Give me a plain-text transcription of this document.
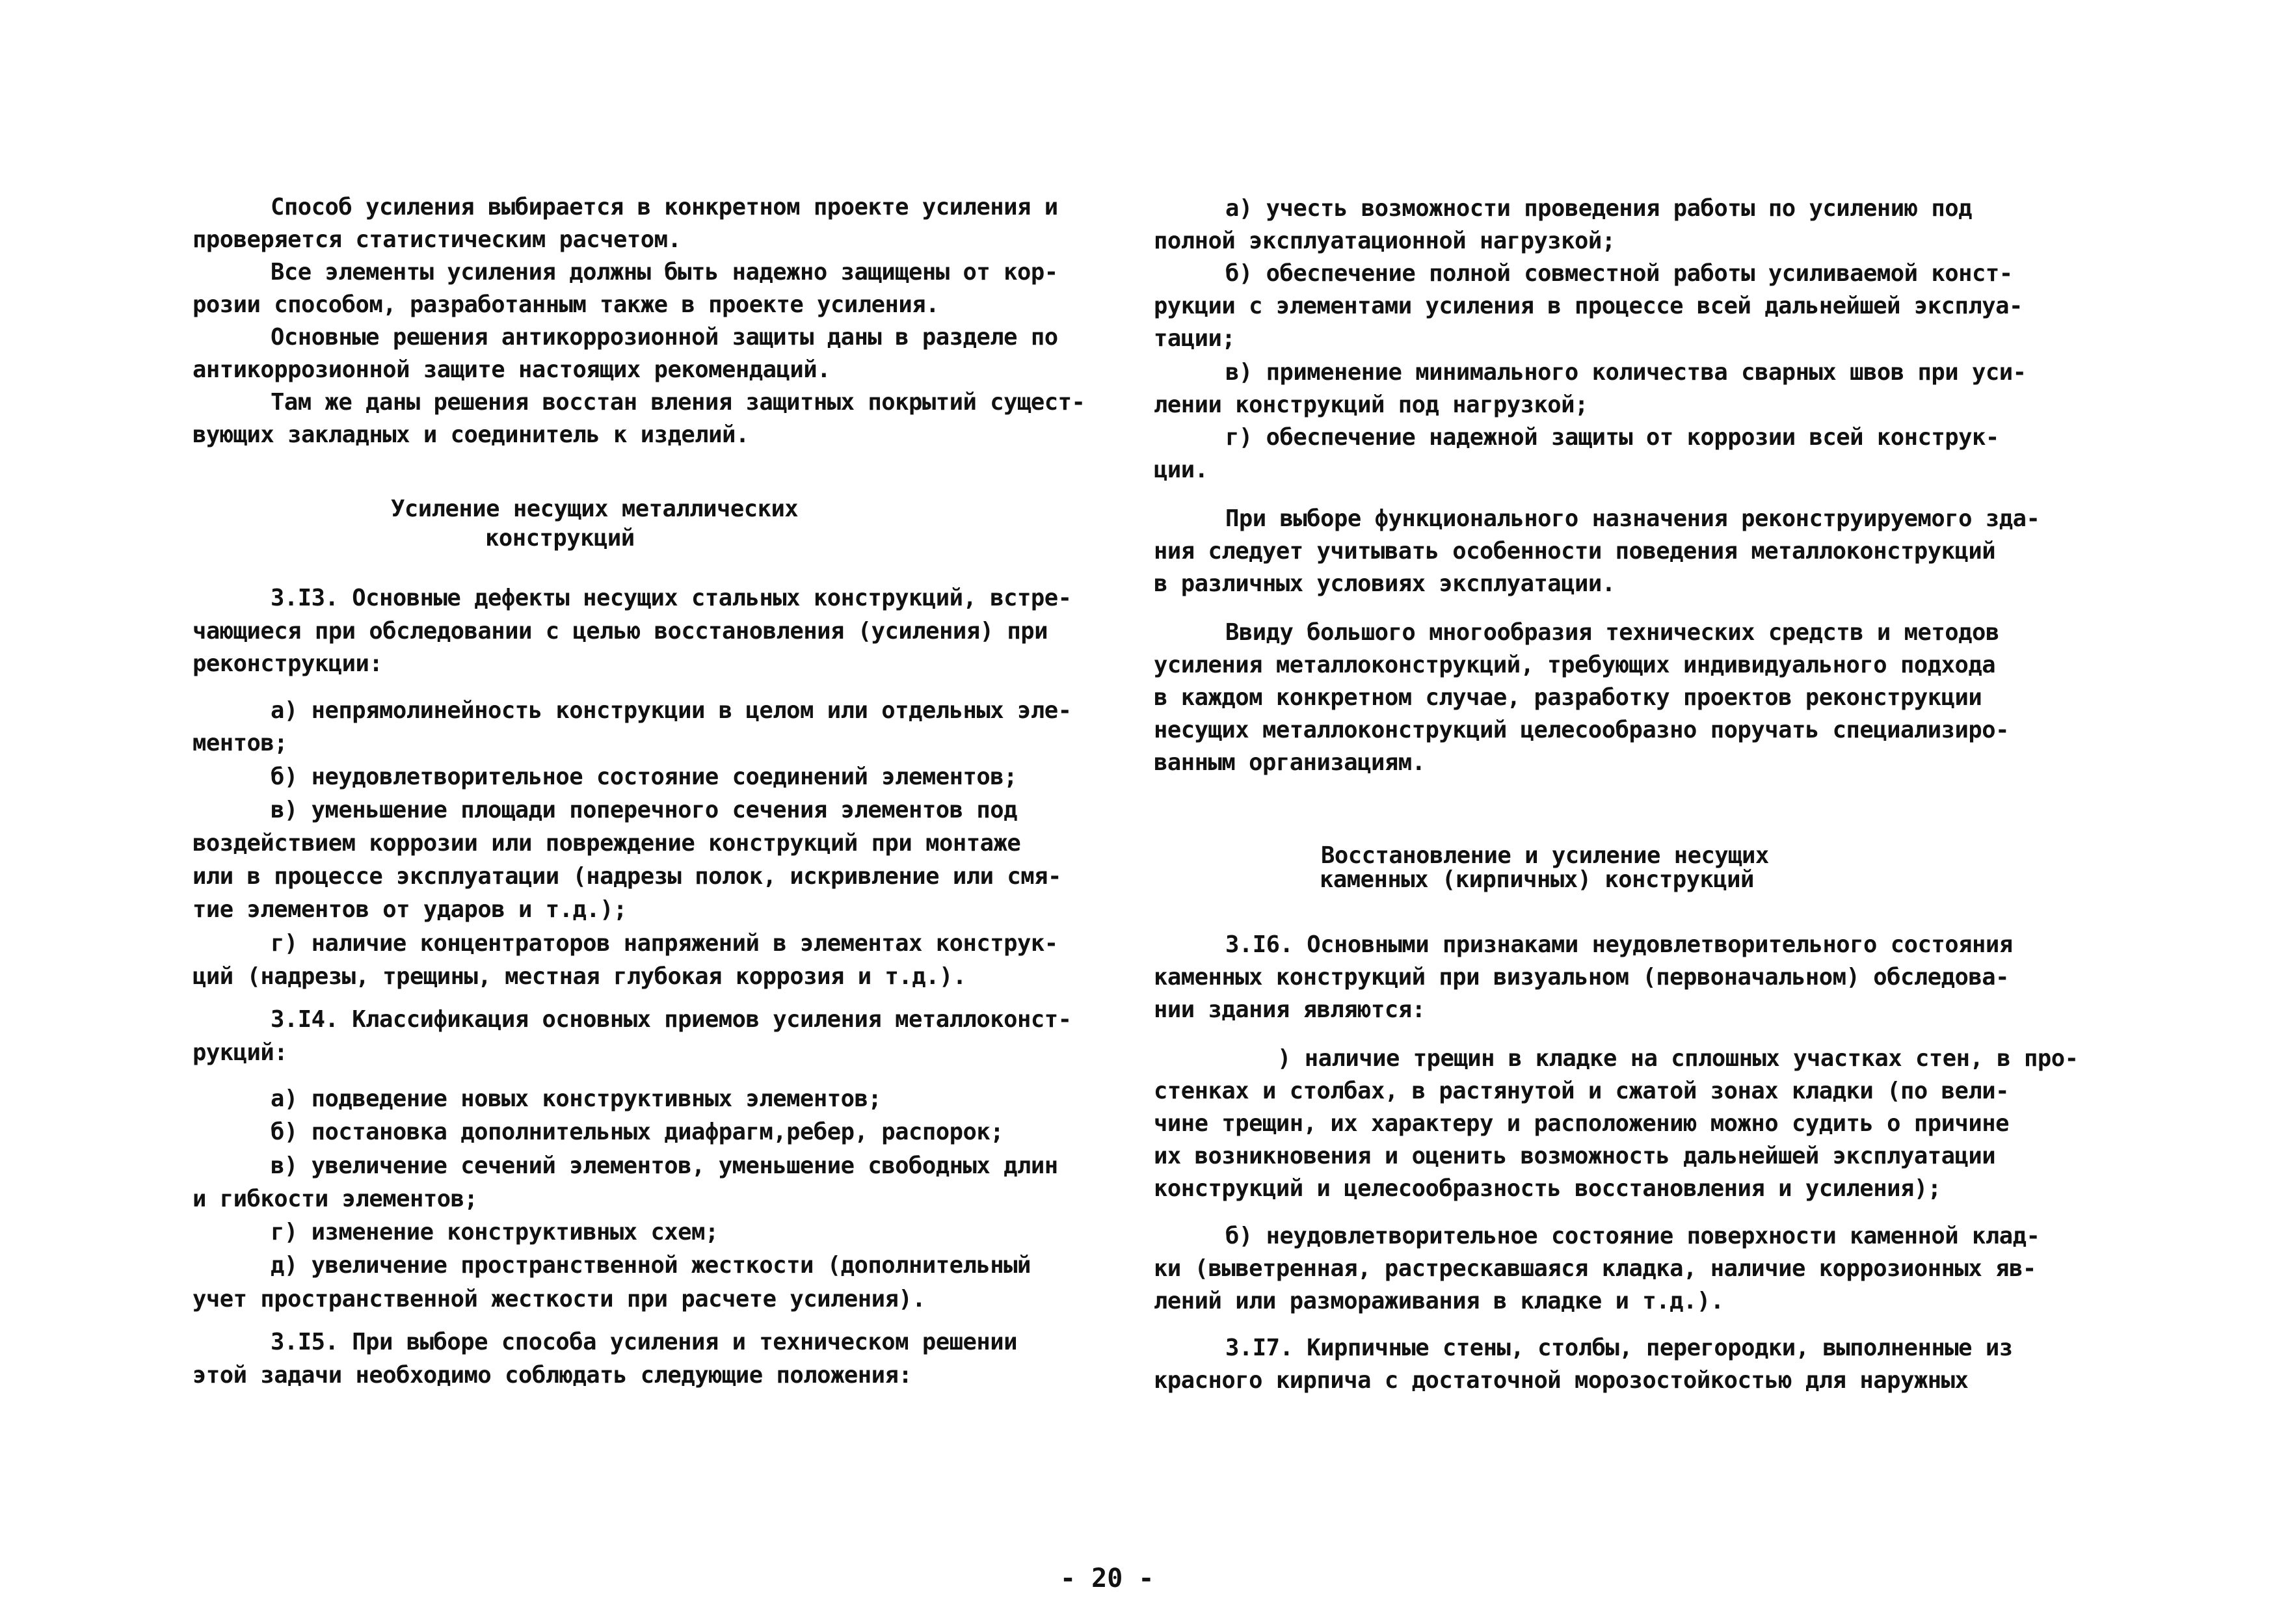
Способ усиления выбирается в конкретном проекте усиления и
проверяется статистическим расчетом.
Все элементы усиления должны быть надежно защищены от кор-
розии способом, разработанным также в проекте усиления.
Основные решения антикоррозионной защиты даны в разделе по
антикоррозионной защите настоящих рекомендаций.
Там же даны решения восстан вления защитных покрытий сущест-
вующих закладных и соединитель к изделий.
Усиление несущих металлических
конструкций
3.I3. Основные дефекты несущих стальных конструкций, встре-
чающиеся при обследовании с целью восстановления (усиления) при
реконструкции:
а) непрямолинейность конструкции в целом или отдельных эле-
ментов;
б) неудовлетворительное состояние соединений элементов;
в) уменьшение площади поперечного сечения элементов под
воздействием коррозии или повреждение конструкций при монтаже
или в процессе эксплуатации (надрезы полок, искривление или смя-
тие элементов от ударов и т.д.);
г) наличие концентраторов напряжений в элементах конструк-
ций (надрезы, трещины, местная глубокая коррозия и т.д.).
3.I4. Классификация основных приемов усиления металлоконст-
рукций:
а) подведение новых конструктивных элементов;
б) постановка дополнительных диафрагм,ребер, распорок;
в) увеличение сечений элементов, уменьшение свободных длин
и гибкости элементов;
г) изменение конструктивных схем;
д) увеличение пространственной жесткости (дополнительный
учет пространственной жесткости при расчете усиления).
3.I5. При выборе способа усиления и техническом решении
этой задачи необходимо соблюдать следующие положения:
а) учесть возможности проведения работы по усилению под
полной эксплуатационной нагрузкой;
б) обеспечение полной совместной работы усиливаемой конст-
рукции с элементами усиления в процессе всей дальнейшей эксплуа-
тации;
в) применение минимального количества сварных швов при уси-
лении конструкций под нагрузкой;
г) обеспечение надежной защиты от коррозии всей конструк-
ции.
При выборе функционального назначения реконструируемого зда-
ния следует учитывать особенности поведения металлоконструкций
в различных условиях эксплуатации.
Ввиду большого многообразия технических средств и методов
усиления металлоконструкций, требующих индивидуального подхода
в каждом конкретном случае, разработку проектов реконструкции
несущих металлоконструкций целесообразно поручать специализиро-
ванным организациям.
Восстановление и усиление несущих
каменных (кирпичных) конструкций
3.I6. Основными признаками неудовлетворительного состояния
каменных конструкций при визуальном (первоначальном) обследова-
нии здания являются:
) наличие трещин в кладке на сплошных участках стен, в про-
стенках и столбах, в растянутой и сжатой зонах кладки (по вели-
чине трещин, их характеру и расположению можно судить о причине
их возникновения и оценить возможность дальнейшей эксплуатации
конструкций и целесообразность восстановления и усиления);
б) неудовлетворительное состояние поверхности каменной клад-
ки (выветренная, растрескавшаяся кладка, наличие коррозионных яв-
лений или размораживания в кладке и т.д.).
3.I7. Кирпичные стены, столбы, перегородки, выполненные из
красного кирпича с достаточной морозостойкостью для наружных
- 20 -
